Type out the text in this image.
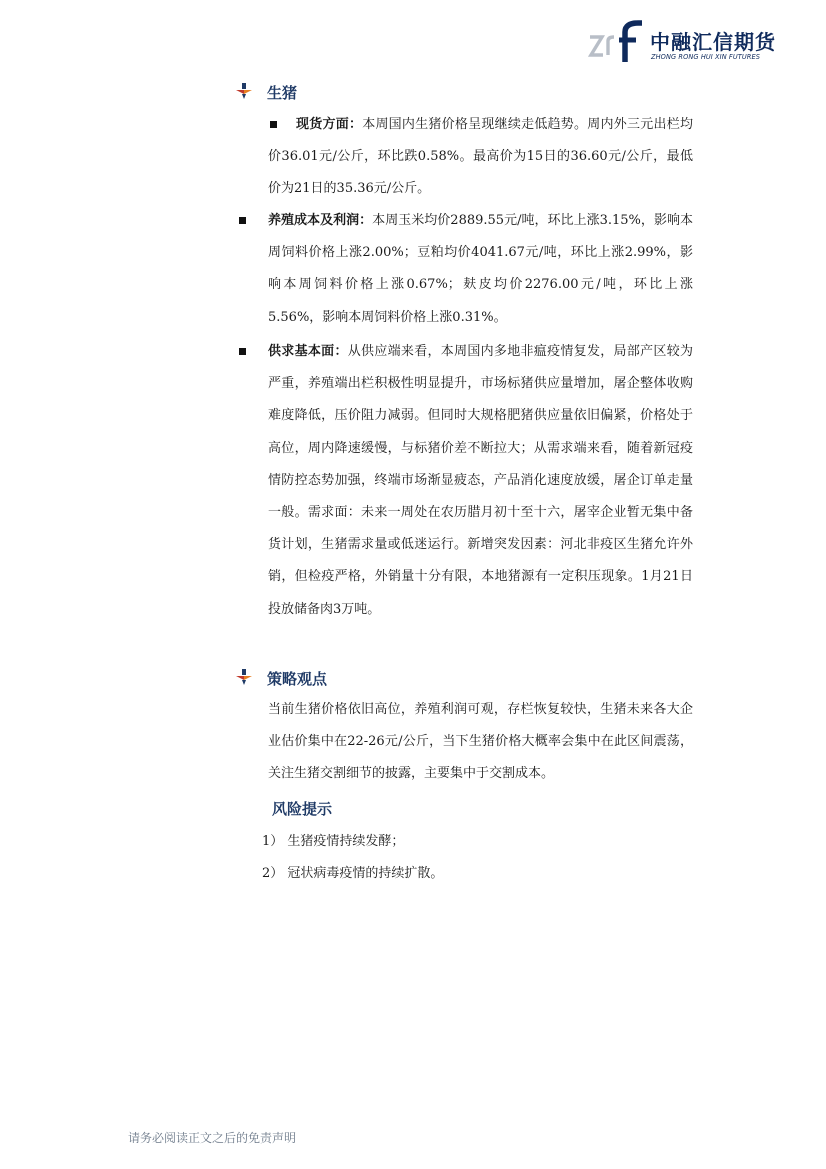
中融汇信期货
ZHONG RONG HUI XIN FUTURES
生猪
现货方面：本周国内生猪价格呈现继续走低趋势。周内外三元出栏均价36.01元/公斤，环比跌0.58%。最高价为15日的36.60元/公斤，最低价为21日的35.36元/公斤。
养殖成本及利润：本周玉米均价2889.55元/吨，环比上涨3.15%，影响本周饲料价格上涨2.00%；豆粕均价4041.67元/吨，环比上涨2.99%，影响本周饲料价格上涨0.67%；麸皮均价2276.00元/吨，环比上涨5.56%，影响本周饲料价格上涨0.31%。
供求基本面：从供应端来看，本周国内多地非瘟疫情复发，局部产区较为严重，养殖端出栏积极性明显提升，市场标猪供应量增加，屠企整体收购难度降低，压价阻力减弱。但同时大规格肥猪供应量依旧偏紧，价格处于高位，周内降速缓慢，与标猪价差不断拉大；从需求端来看，随着新冠疫情防控态势加强，终端市场渐显疲态，产品消化速度放缓，屠企订单走量一般。需求面：未来一周处在农历腊月初十至十六，屠宰企业暂无集中备货计划，生猪需求量或低迷运行。新增突发因素：河北非疫区生猪允许外销，但检疫严格，外销量十分有限，本地猪源有一定积压现象。1月21日投放储备肉3万吨。
策略观点
当前生猪价格依旧高位，养殖利润可观，存栏恢复较快，生猪未来各大企业估价集中在22-26元/公斤，当下生猪价格大概率会集中在此区间震荡，关注生猪交割细节的披露，主要集中于交割成本。
风险提示
1） 生猪疫情持续发酵；
2） 冠状病毒疫情的持续扩散。
请务必阅读正文之后的免责声明
